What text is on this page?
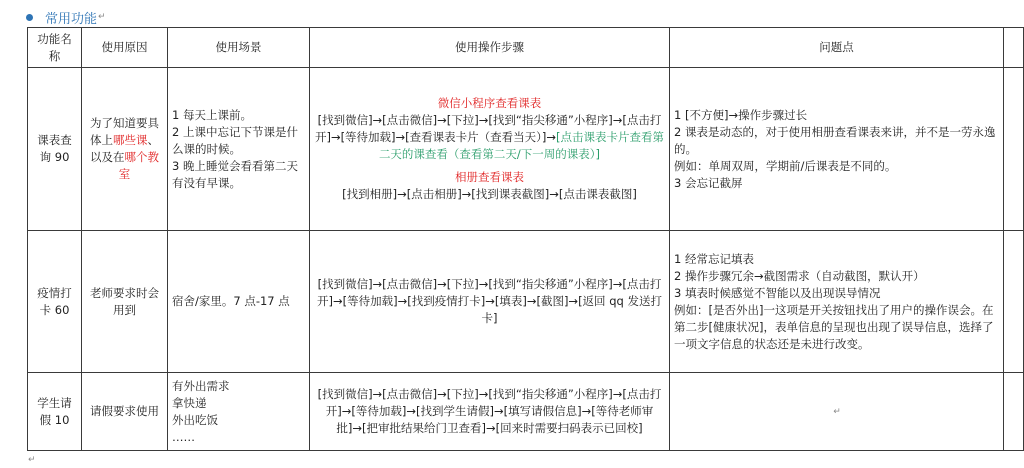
常用功能 ↵
功能名称	使用原因	使用场景	使用操作步骤	问题点	
课表查询 90	为了知道要具体上哪些课、以及在哪个教室	1 每天上课前。
2 上课中忘记下节课是什么课的时候。
3 晚上睡觉会看看第二天有没有早课。	微信小程序查看课表
[找到微信]→[点击微信]→[下拉]→[找到“指尖移通”小程序]→[点击打开]→[等待加载]→[查看课表卡片（查看当天）]→[点击课表卡片查看第二天的课查看（查看第二天/下一周的课表）]
相册查看课表
[找到相册]→[点击相册]→[找到课表截图]→[点击课表截图]	1 [不方便]→操作步骤过长
2 课表是动态的，对于使用相册查看课表来讲，并不是一劳永逸的。
例如：单周双周，学期前/后课表是不同的。
3 会忘记截屏	

疫情打卡 60	老师要求时会用到	宿舍/家里。7 点-17 点	[找到微信]→[点击微信]→[下拉]→[找到“指尖移通”小程序]→[点击打开]→[等待加载]→[找到疫情打卡]→[填表]→[截图]→[返回 qq 发送打卡]	1 经常忘记填表
2 操作步骤冗余→截图需求（自动截图，默认开）
3 填表时候感觉不智能以及出现误导情况
例如：[是否外出]一这项是开关按钮找出了用户的操作误会。在第二步[健康状况]，表单信息的呈现也出现了误导信息，选择了一项文字信息的状态还是未进行改变。	

学生请假 10	请假要求使用	有外出需求
拿快递
外出吃饭
……	[找到微信]→[点击微信]→[下拉]→[找到“指尖移通”小程序]→[点击打开]→[等待加载]→[找到学生请假]→[填写请假信息]→[等待老师审批]→[把审批结果给门卫查看]→[回来时需要扫码表示已回校]	↵	
↵
